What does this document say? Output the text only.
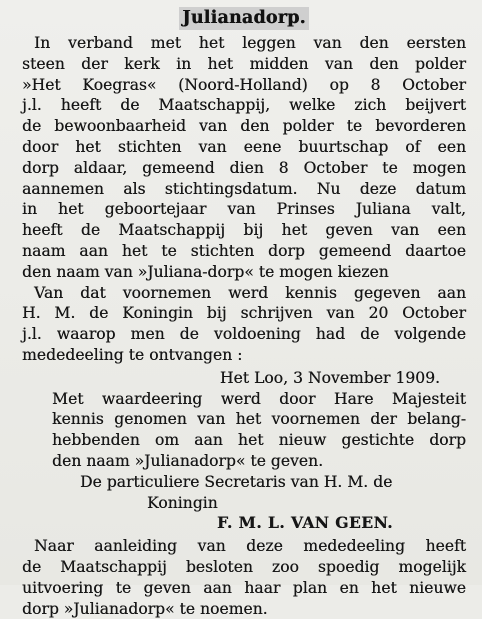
Julianadorp.
In verband met het leggen van den eersten
steen der kerk in het midden van den polder
»Het Koegras« (Noord-Holland) op 8 October
j.l. heeft de Maatschappij, welke zich beijvert
de bewoonbaarheid van den polder te bevorderen
door het stichten van eene buurtschap of een
dorp aldaar, gemeend dien 8 October te mogen
aannemen als stichtingsdatum. Nu deze datum
in het geboortejaar van Prinses Juliana valt,
heeft de Maatschappij bij het geven van een
naam aan het te stichten dorp gemeend daartoe
den naam van »Juliana-dorp« te mogen kiezen
Van dat voornemen werd kennis gegeven aan
H. M. de Koningin bij schrijven van 20 October
j.l. waarop men de voldoening had de volgende
mededeeling te ontvangen :
Het Loo, 3 November 1909.
Met waardeering werd door Hare Majesteit
kennis genomen van het voornemen der belang-
hebbenden om aan het nieuw gestichte dorp
den naam »Julianadorp« te geven.
De particuliere Secretaris van H. M. de
Koningin
F. M. L. VAN GEEN.
Naar aanleiding van deze mededeeling heeft
de Maatschappij besloten zoo spoedig mogelijk
uitvoering te geven aan haar plan en het nieuwe
dorp »Julianadorp« te noemen.
